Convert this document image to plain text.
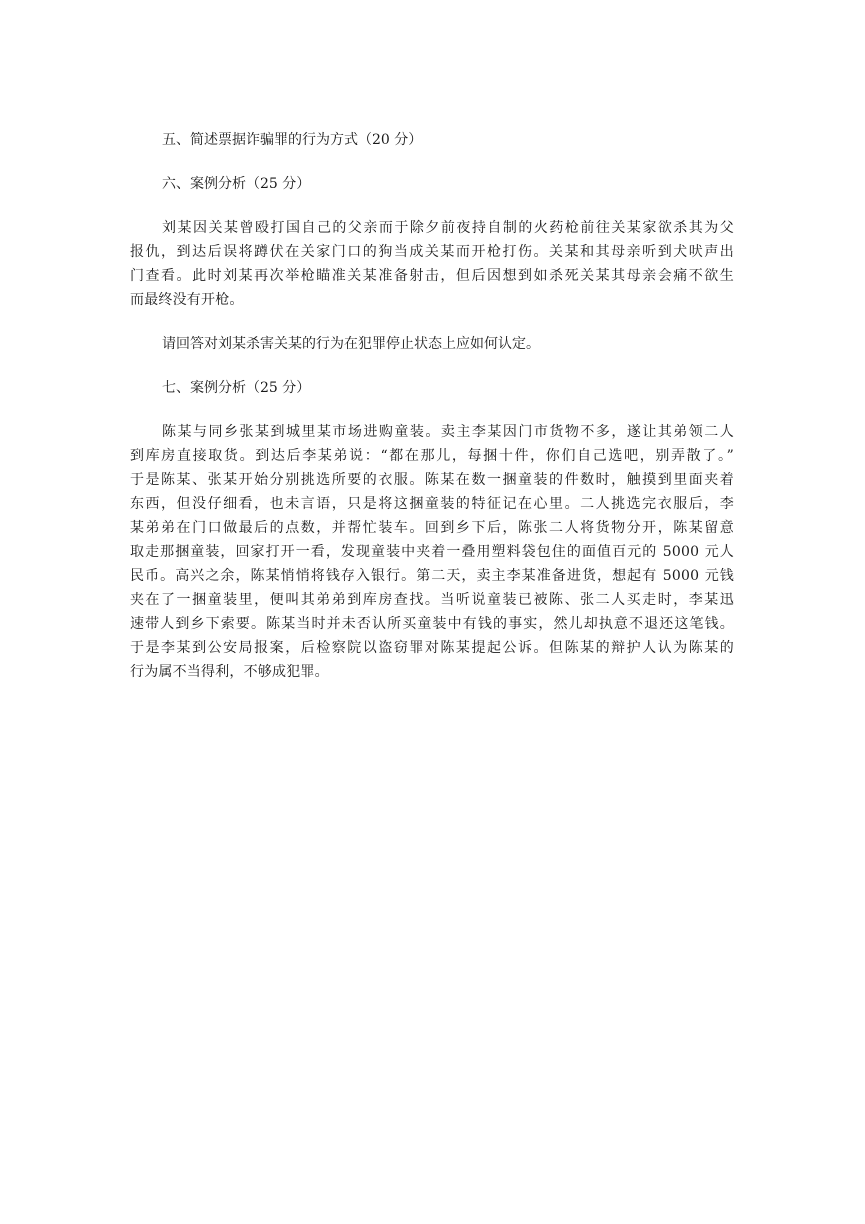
五、简述票据诈骗罪的行为方式（20 分）

六、案例分析（25 分）

刘某因关某曾殴打国自己的父亲而于除夕前夜持自制的火药枪前往关某家欲杀其为父
报仇，到达后误将蹲伏在关家门口的狗当成关某而开枪打伤。关某和其母亲听到犬吠声出
门查看。此时刘某再次举枪瞄准关某准备射击，但后因想到如杀死关某其母亲会痛不欲生
而最终没有开枪。

请回答对刘某杀害关某的行为在犯罪停止状态上应如何认定。

七、案例分析（25 分）

陈某与同乡张某到城里某市场进购童装。卖主李某因门市货物不多，遂让其弟领二人
到库房直接取货。到达后李某弟说：“都在那儿，每捆十件，你们自己选吧，别弄散了。”
于是陈某、张某开始分别挑选所要的衣服。陈某在数一捆童装的件数时，触摸到里面夹着
东西，但没仔细看，也未言语，只是将这捆童装的特征记在心里。二人挑选完衣服后，李
某弟弟在门口做最后的点数，并帮忙装车。回到乡下后，陈张二人将货物分开，陈某留意
取走那捆童装，回家打开一看，发现童装中夹着一叠用塑料袋包住的面值百元的 5000 元人
民币。高兴之余，陈某悄悄将钱存入银行。第二天，卖主李某准备进货，想起有 5000 元钱
夹在了一捆童装里，便叫其弟弟到库房查找。当听说童装已被陈、张二人买走时，李某迅
速带人到乡下索要。陈某当时并未否认所买童装中有钱的事实，然儿却执意不退还这笔钱。
于是李某到公安局报案，后检察院以盗窃罪对陈某提起公诉。但陈某的辩护人认为陈某的
行为属不当得利，不够成犯罪。
